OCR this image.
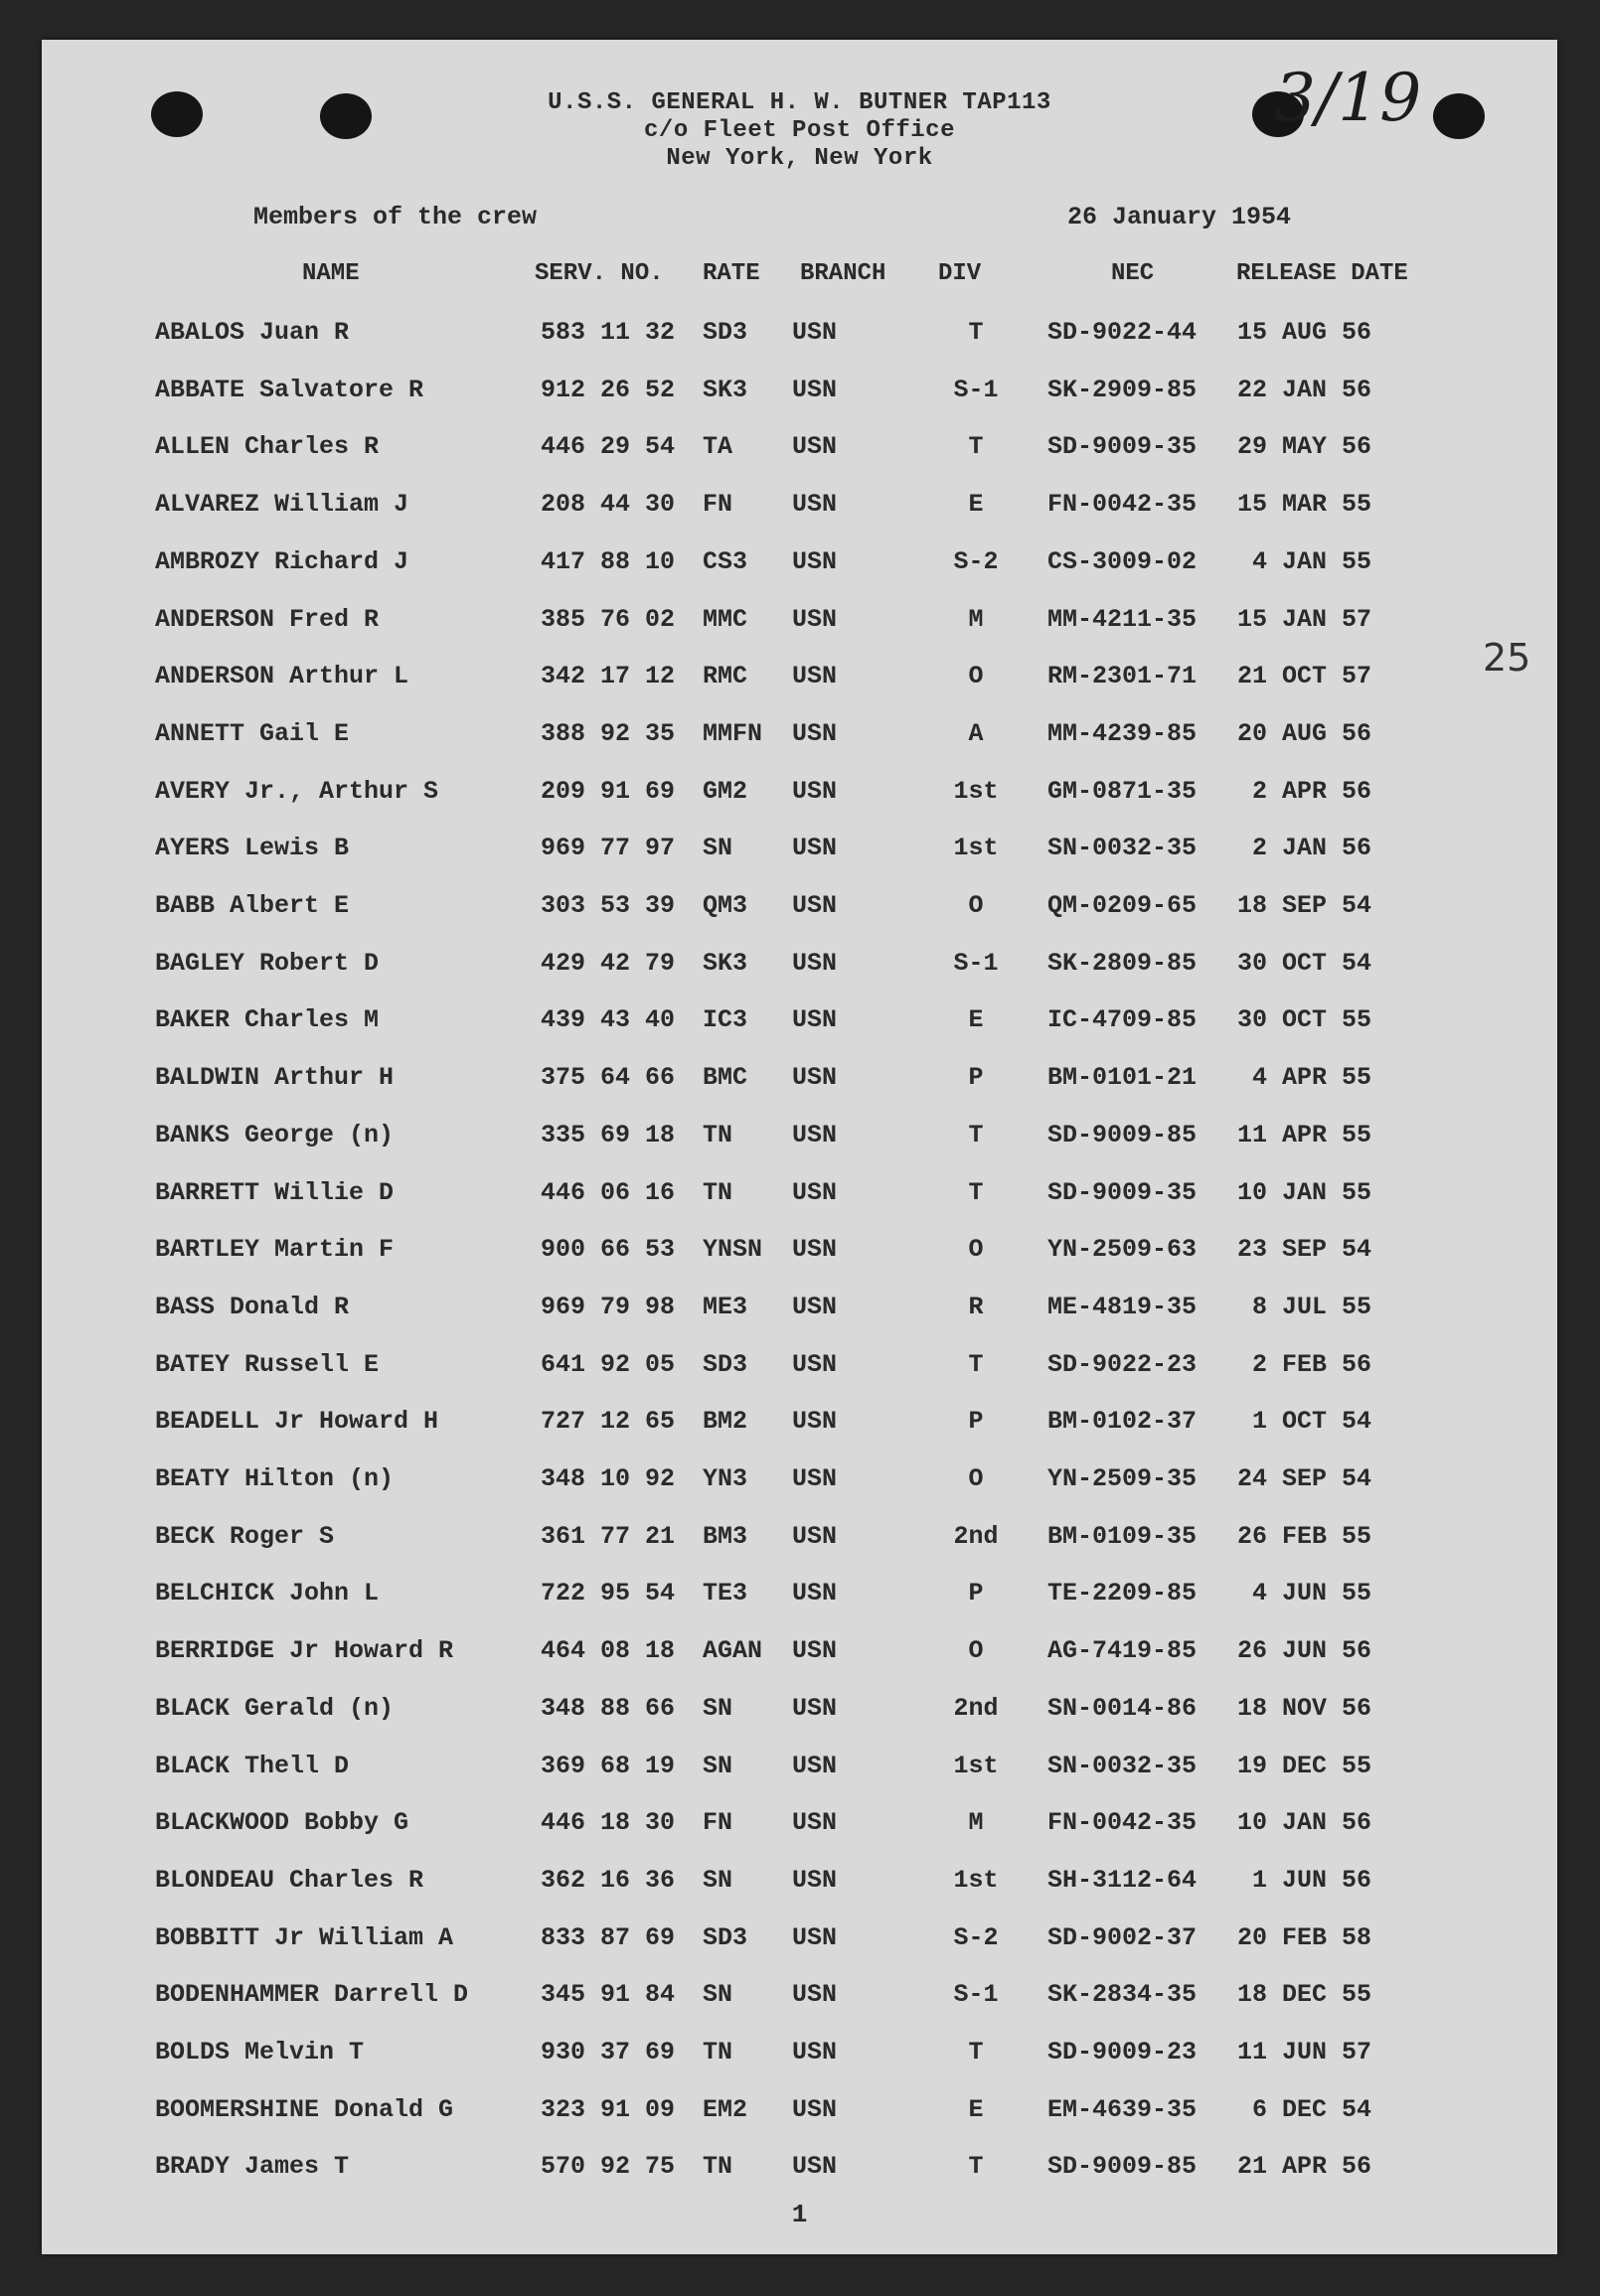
3/19
25
U.S.S. GENERAL H. W. BUTNER TAP113
c/o Fleet Post Office
New York, New York
Members of the crew	26 January 1954
NAME	SERV. NO. RATE BRANCH DIV	NEC	RELEASE DATE
ABALOS Juan R	583 11 32 SD3 USN	T	SD-9022-44	15 AUG 56
ABBATE Salvatore R	912 26 52 SK3 USN	S-1	SK-2909-85	22 JAN 56
ALLEN Charles R	446 29 54 TA USN	T	SD-9009-35	29 MAY 56
ALVAREZ William J	208 44 30 FN USN	E	FN-0042-35	15 MAR 55
AMBROZY Richard J	417 88 10 CS3 USN	S-2	CS-3009-02	4 JAN 55
ANDERSON Fred R	385 76 02 MMC USN	M	MM-4211-35	15 JAN 57
ANDERSON Arthur L	342 17 12 RMC USN	O	RM-2301-71	21 OCT 57
ANNETT Gail E	388 92 35 MMFN USN	A	MM-4239-85	20 AUG 56
AVERY Jr., Arthur S	209 91 69 GM2 USN	1st	GM-0871-35	2 APR 56
AYERS Lewis B	969 77 97 SN USN	1st	SN-0032-35	2 JAN 56
BABB Albert E	303 53 39 QM3 USN	O	QM-0209-65	18 SEP 54
BAGLEY Robert D	429 42 79 SK3 USN	S-1	SK-2809-85	30 OCT 54
BAKER Charles M	439 43 40 IC3 USN	E	IC-4709-85	30 OCT 55
BALDWIN Arthur H	375 64 66 BMC USN	P	BM-0101-21	4 APR 55
BANKS George (n)	335 69 18 TN USN	T	SD-9009-85	11 APR 55
BARRETT Willie D	446 06 16 TN USN	T	SD-9009-35	10 JAN 55
BARTLEY Martin F	900 66 53 YNSN USN	O	YN-2509-63	23 SEP 54
BASS Donald R	969 79 98 ME3 USN	R	ME-4819-35	8 JUL 55
BATEY Russell E	641 92 05 SD3 USN	T	SD-9022-23	2 FEB 56
BEADELL Jr Howard H	727 12 65 BM2 USN	P	BM-0102-37	1 OCT 54
BEATY Hilton (n)	348 10 92 YN3 USN	O	YN-2509-35	24 SEP 54
BECK Roger S	361 77 21 BM3 USN	2nd	BM-0109-35	26 FEB 55
BELCHICK John L	722 95 54 TE3 USN	P	TE-2209-85	4 JUN 55
BERRIDGE Jr Howard R	464 08 18 AGAN USN	O	AG-7419-85	26 JUN 56
BLACK Gerald (n)	348 88 66 SN USN	2nd	SN-0014-86	18 NOV 56
BLACK Thell D	369 68 19 SN USN	1st	SN-0032-35	19 DEC 55
BLACKWOOD Bobby G	446 18 30 FN USN	M	FN-0042-35	10 JAN 56
BLONDEAU Charles R	362 16 36 SN USN	1st	SH-3112-64	1 JUN 56
BOBBITT Jr William A	833 87 69 SD3 USN	S-2	SD-9002-37	20 FEB 58
BODENHAMMER Darrell D	345 91 84 SN USN	S-1	SK-2834-35	18 DEC 55
BOLDS Melvin T	930 37 69 TN USN	T	SD-9009-23	11 JUN 57
BOOMERSHINE Donald G	323 91 09 EM2 USN	E	EM-4639-35	6 DEC 54
BRADY James T	570 92 75 TN USN	T	SD-9009-85	21 APR 56
1
